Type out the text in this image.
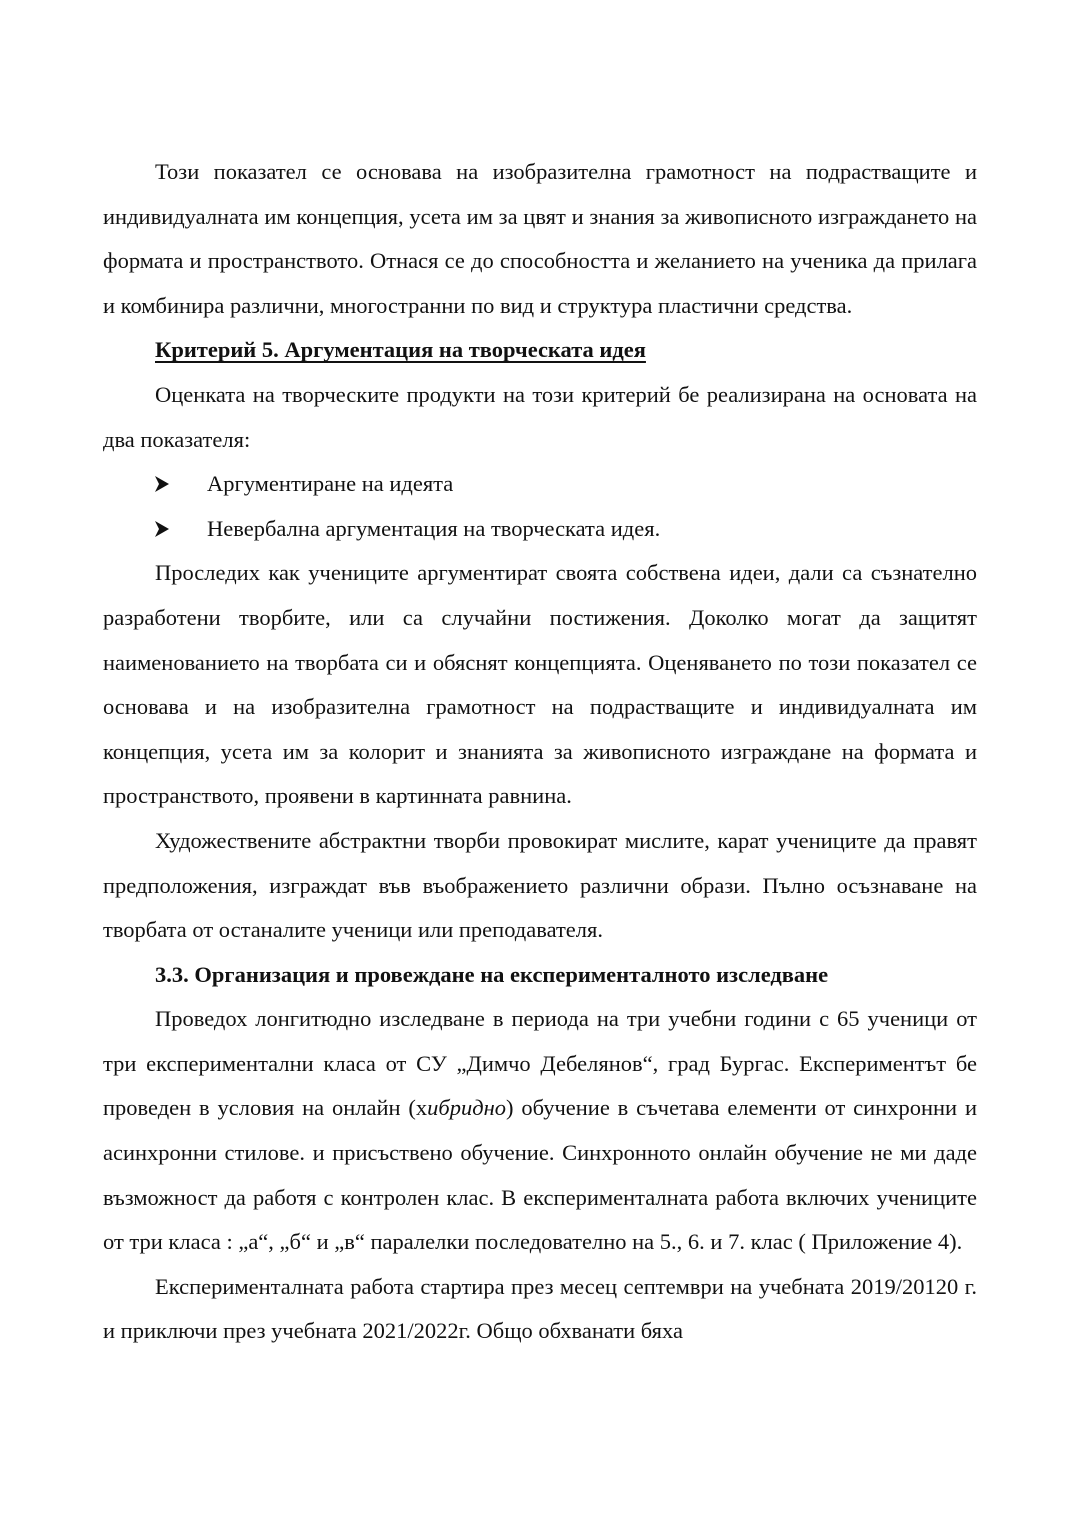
Този показател се основава на изобразителна грамотност на подрастващите и индивидуалната им концепция, усета им за цвят и знания за живописното изграждането на формата и пространството. Отнася се до способността и желанието на ученика да прилага и комбинира различни, многостранни по вид и структура пластични средства.

Критерий 5. Аргументация на творческата идея

Оценката на творческите продукти на този критерий бе реализирана на основата на два показателя:

Аргументиране на идеята
Невербална аргументация на творческата идея.

Проследих как учениците аргументират своята собствена идеи, дали са съзнателно разработени творбите, или са случайни постижения. Доколко могат да защитят наименованието на творбата си и обяснят концепцията. Оценяването по този показател се основава и на изобразителна грамотност на подрастващите и индивидуалната им концепция, усета им за колорит и знанията за живописното изграждане на формата и пространството, проявени в картинната равнина.

Художествените абстрактни творби провокират мислите, карат учениците да правят предположения, изграждат във въображението различни образи. Пълно осъзнаване на творбата от останалите ученици или преподавателя.

3.3. Организация и провеждане на експерименталното изследване

Проведох лонгитюдно изследване в периода на три учебни години с 65 ученици от три експериментални класа от СУ „Димчо Дебелянов“, град Бургас. Експериментът бе проведен в условия на онлайн (хибридно) обучение в съчетава елементи от синхронни и асинхронни стилове. и присъствено обучение. Синхронното онлайн обучение не ми даде възможност да работя с контролен клас. В експерименталната работа включих учениците от три класа : „а“, „б“ и „в“ паралелки последователно на 5., 6. и 7. клас ( Приложение 4).

Експерименталната работа стартира през месец септември на учебната 2019/20120 г. и приключи през учебната 2021/2022г. Общо обхванати бяха
